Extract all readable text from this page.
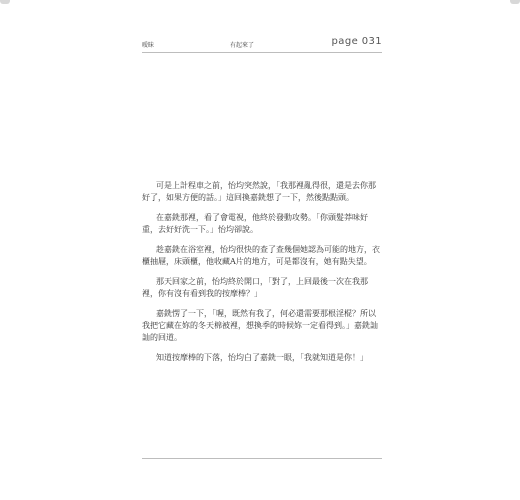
曖昧	有起來了	page 031

可是上計程車之前，怡均突然說，「我那裡亂得很，還是去你那好了，如果方便的話。」這回換嘉銑想了一下，然後點點頭。

在嘉銑那裡，看了會電視，他終於發動攻勢。「你頭髮莽味好重，去好好洗一下。」怡均卻說。

趁嘉銑在浴室裡，怡均很快的查了查幾個她認為可能的地方，衣櫃抽屜，床頭櫃，他收藏A片的地方，可是都沒有，她有點失望。

那天回家之前，怡均終於開口，「對了，上回最後一次在我那裡，你有沒有看到我的按摩棒？」

嘉銑愣了一下，「喔，既然有我了，何必還需要那根淫棍？所以我把它藏在妳的冬天棉被裡，想換季的時候妳一定看得到。」嘉銑訕訕的回道。

知道按摩棒的下落，怡均白了嘉銑一眼，「我就知道是你！」
